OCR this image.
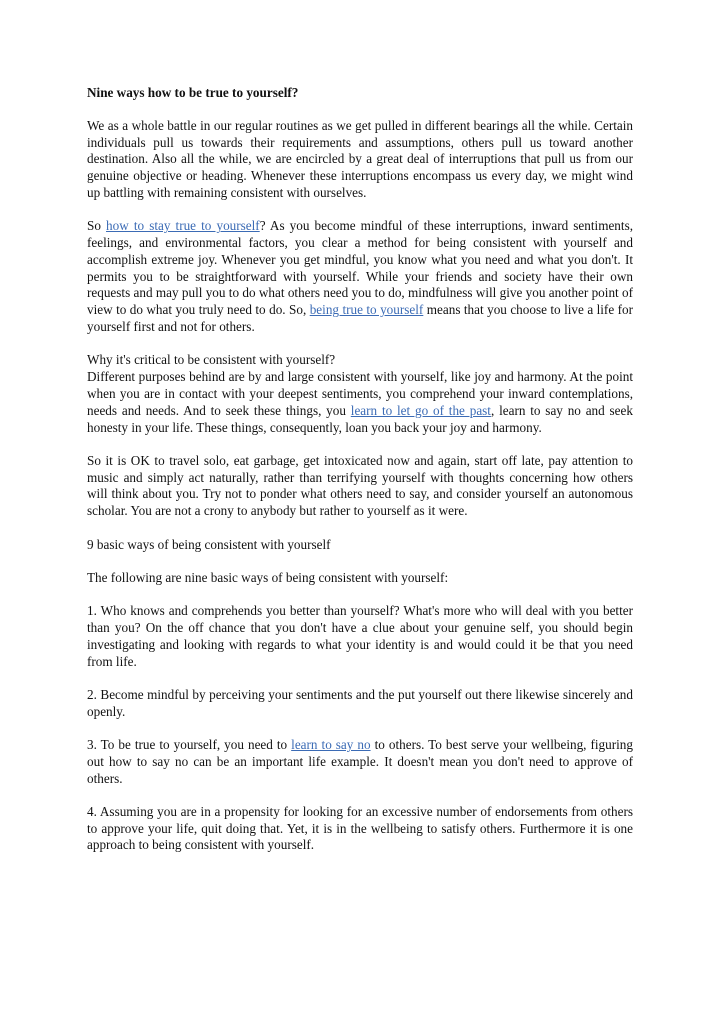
Nine ways how to be true to yourself?

We as a whole battle in our regular routines as we get pulled in different bearings all the while. Certain individuals pull us towards their requirements and assumptions, others pull us toward another destination. Also all the while, we are encircled by a great deal of interruptions that pull us from our genuine objective or heading. Whenever these interruptions encompass us every day, we might wind up battling with remaining consistent with ourselves.

So how to stay true to yourself? As you become mindful of these interruptions, inward sentiments, feelings, and environmental factors, you clear a method for being consistent with yourself and accomplish extreme joy. Whenever you get mindful, you know what you need and what you don't. It permits you to be straightforward with yourself. While your friends and society have their own requests and may pull you to do what others need you to do, mindfulness will give you another point of view to do what you truly need to do. So, being true to yourself means that you choose to live a life for yourself first and not for others.

Why it's critical to be consistent with yourself?
Different purposes behind are by and large consistent with yourself, like joy and harmony. At the point when you are in contact with your deepest sentiments, you comprehend your inward contemplations, needs and needs. And to seek these things, you learn to let go of the past, learn to say no and seek honesty in your life. These things, consequently, loan you back your joy and harmony.

So it is OK to travel solo, eat garbage, get intoxicated now and again, start off late, pay attention to music and simply act naturally, rather than terrifying yourself with thoughts concerning how others will think about you. Try not to ponder what others need to say, and consider yourself an autonomous scholar. You are not a crony to anybody but rather to yourself as it were.

9 basic ways of being consistent with yourself

The following are nine basic ways of being consistent with yourself:

1. Who knows and comprehends you better than yourself? What's more who will deal with you better than you? On the off chance that you don't have a clue about your genuine self, you should begin investigating and looking with regards to what your identity is and would could it be that you need from life.

2. Become mindful by perceiving your sentiments and the put yourself out there likewise sincerely and openly.

3. To be true to yourself, you need to learn to say no to others. To best serve your wellbeing, figuring out how to say no can be an important life example. It doesn't mean you don't need to approve of others.

4. Assuming you are in a propensity for looking for an excessive number of endorsements from others to approve your life, quit doing that. Yet, it is in the wellbeing to satisfy others. Furthermore it is one approach to being consistent with yourself.
